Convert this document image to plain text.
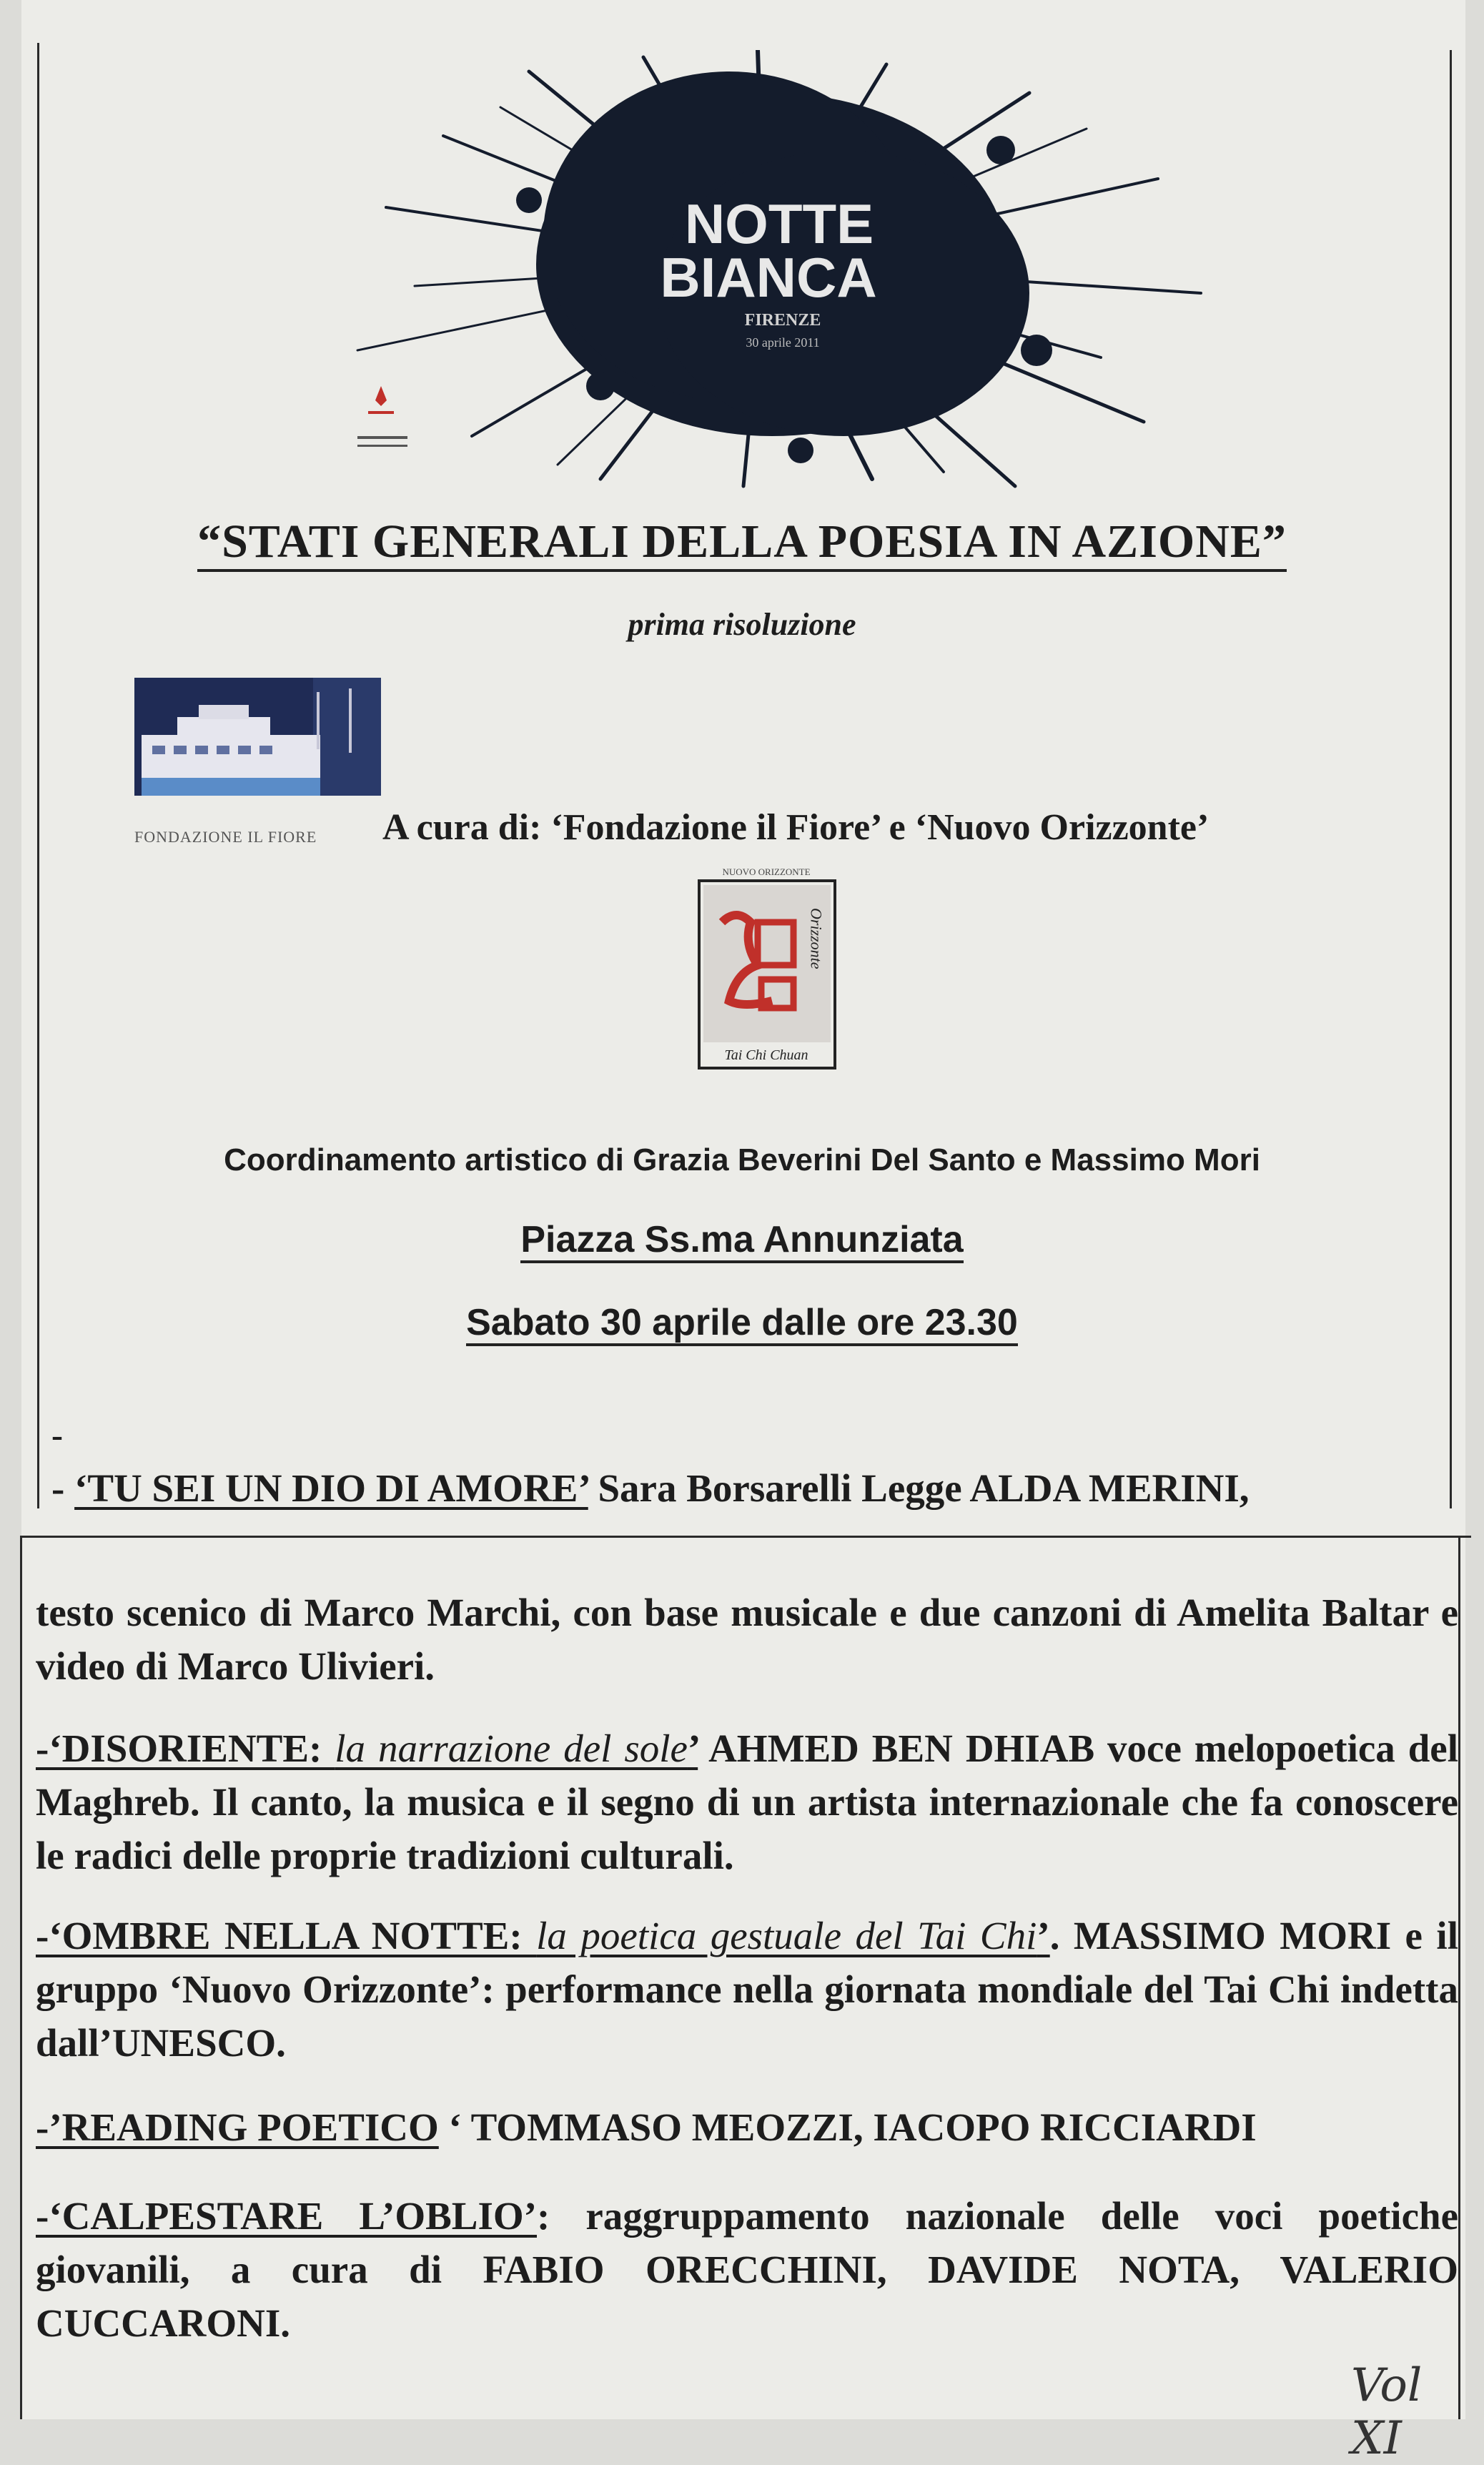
NOTTE
BIANCA
FIRENZE
30 aprile 2011
“STATI GENERALI DELLA POESIA IN AZIONE”
prima risoluzione
FONDAZIONE IL FIORE A cura di: ‘Fondazione il Fiore’ e ‘Nuovo Orizzonte’
NUOVO ORIZZONTE
Orizzonte
Tai Chi Chuan
Coordinamento artistico di Grazia Beverini Del Santo e Massimo Mori
Piazza Ss.ma Annunziata
Sabato 30 aprile dalle ore 23.30
-
- ‘TU SEI UN DIO DI AMORE’ Sara Borsarelli Legge ALDA MERINI,
testo scenico di Marco Marchi, con base musicale e due canzoni di Amelita Baltar e video di Marco Ulivieri.
-‘DISORIENTE: la narrazione del sole’ AHMED BEN DHIAB voce melopoetica del Maghreb. Il canto, la musica e il segno di un artista internazionale che fa conoscere le radici delle proprie tradizioni culturali.
-‘OMBRE NELLA NOTTE: la poetica gestuale del Tai Chi’. MASSIMO MORI e il gruppo ‘Nuovo Orizzonte’: performance nella giornata mondiale del Tai Chi indetta dall’UNESCO.
-’READING POETICO ‘ TOMMASO MEOZZI, IACOPO RICCIARDI
-‘CALPESTARE L’OBLIO’: raggruppamento nazionale delle voci poetiche giovanili, a cura di FABIO ORECCHINI, DAVIDE NOTA, VALERIO CUCCARONI.
Vol XI
